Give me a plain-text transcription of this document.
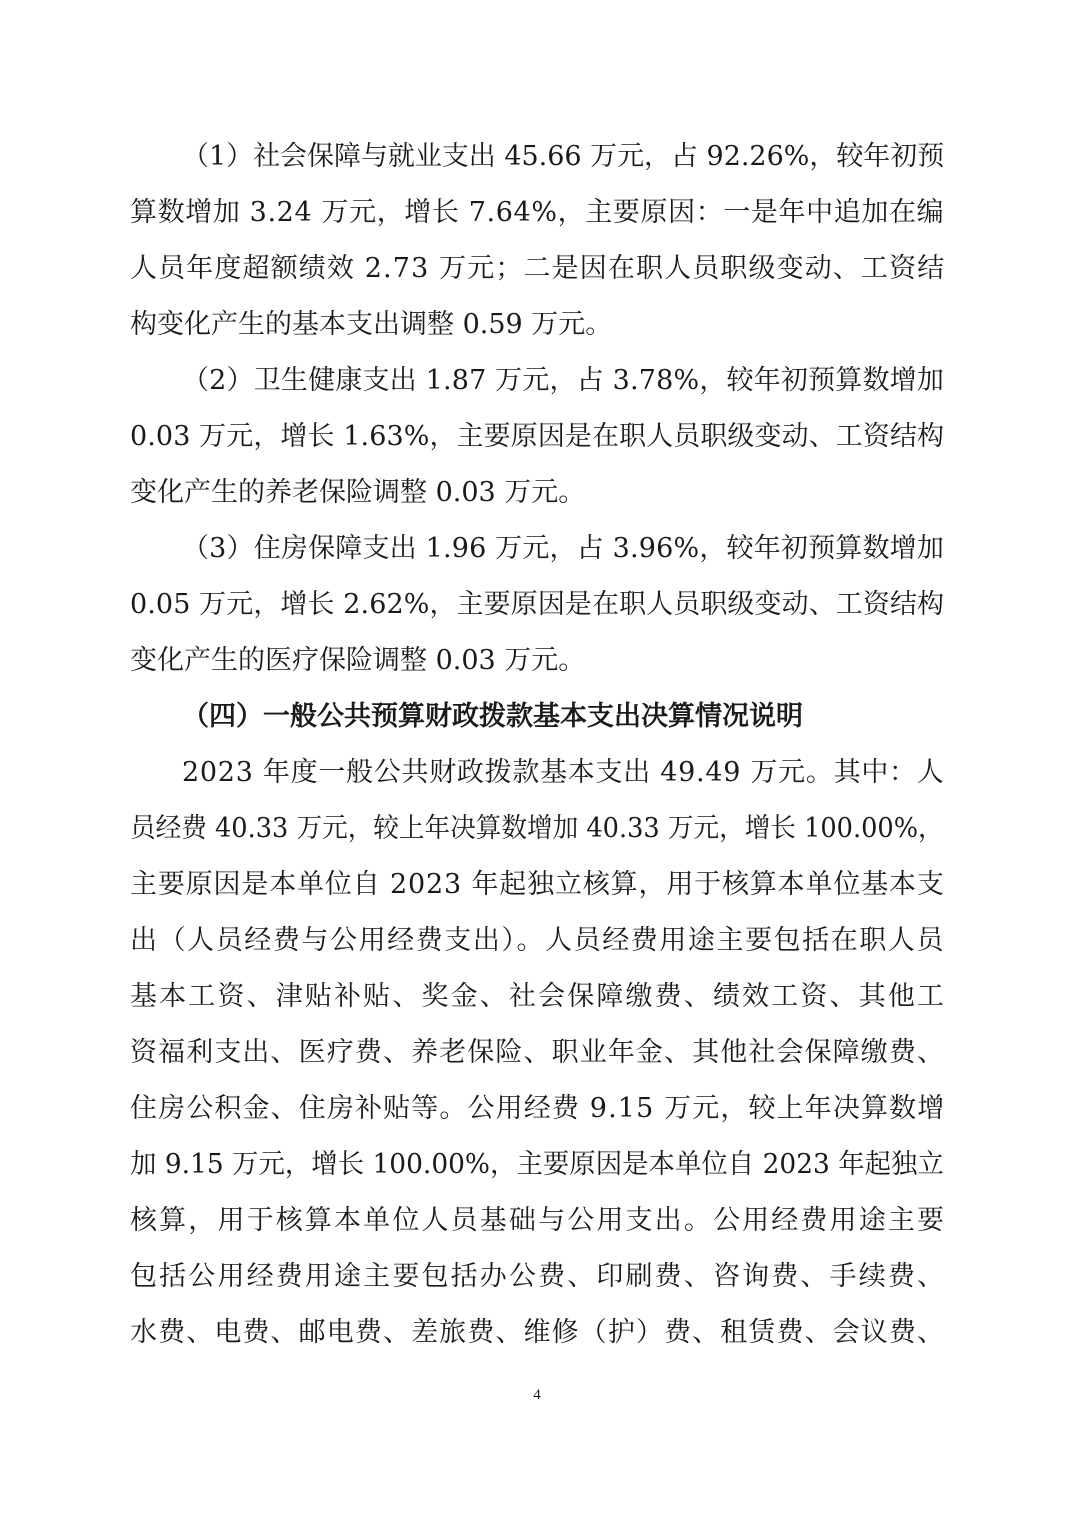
（1）社会保障与就业支出 45.66 万元，占 92.26%，较年初预
算数增加 3.24 万元，增长 7.64%，主要原因：一是年中追加在编
人员年度超额绩效 2.73 万元；二是因在职人员职级变动、工资结
构变化产生的基本支出调整 0.59 万元。
（2）卫生健康支出 1.87 万元，占 3.78%，较年初预算数增加
0.03 万元，增长 1.63%，主要原因是在职人员职级变动、工资结构
变化产生的养老保险调整 0.03 万元。
（3）住房保障支出 1.96 万元，占 3.96%，较年初预算数增加
0.05 万元，增长 2.62%，主要原因是在职人员职级变动、工资结构
变化产生的医疗保险调整 0.03 万元。
（四）一般公共预算财政拨款基本支出决算情况说明
2023 年度一般公共财政拨款基本支出 49.49 万元。其中：人
员经费 40.33 万元，较上年决算数增加 40.33 万元，增长 100.00%，
主要原因是本单位自 2023 年起独立核算，用于核算本单位基本支
出（人员经费与公用经费支出）。人员经费用途主要包括在职人员
基本工资、津贴补贴、奖金、社会保障缴费、绩效工资、其他工
资福利支出、医疗费、养老保险、职业年金、其他社会保障缴费、
住房公积金、住房补贴等。公用经费 9.15 万元，较上年决算数增
加 9.15 万元，增长 100.00%，主要原因是本单位自 2023 年起独立
核算，用于核算本单位人员基础与公用支出。公用经费用途主要
包括公用经费用途主要包括办公费、印刷费、咨询费、手续费、
水费、电费、邮电费、差旅费、维修（护）费、租赁费、会议费、
4
